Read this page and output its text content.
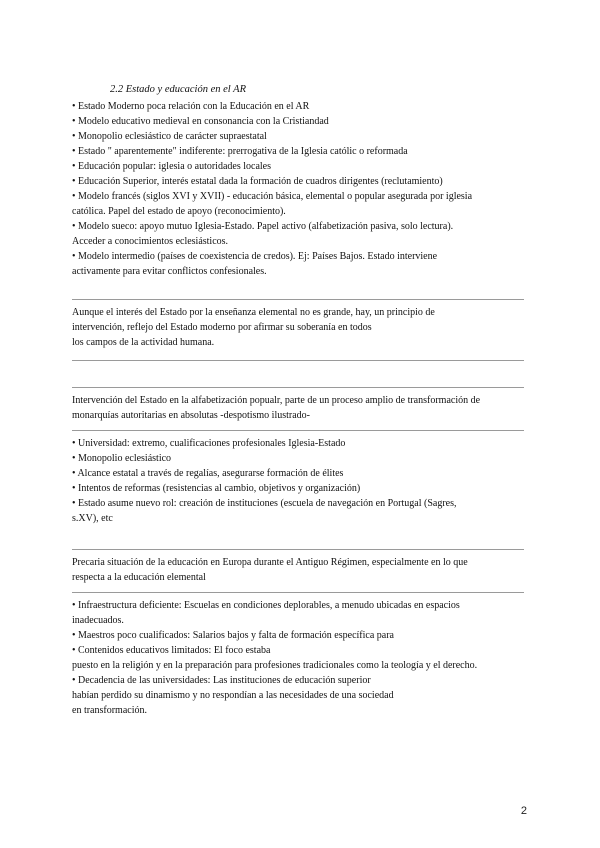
2.2 Estado y educación en el AR
• Estado Moderno poca relación con la Educación en el AR
• Modelo educativo medieval en consonancia con la Cristiandad
• Monopolio eclesiástico de carácter supraestatal
• Estado " aparentemente" indiferente: prerrogativa de la Iglesia católic o reformada
• Educación popular: iglesia o autoridades locales
• Educación Superior, interés estatal dada la formación de cuadros dirigentes (reclutamiento)
• Modelo francés (siglos XVI y XVII) - educación básica, elemental o popular asegurada por iglesia
católica. Papel del estado de apoyo (reconocimiento).
• Modelo sueco: apoyo mutuo Iglesia-Estado. Papel activo (alfabetización pasiva, solo lectura).
Acceder a conocimientos eclesiásticos.
• Modelo intermedio (países de coexistencia de credos). Ej: Países Bajos. Estado interviene
activamente para evitar conflictos confesionales.
Aunque el interés del Estado por la enseñanza elemental no es grande, hay, un principio de
intervención, reflejo del Estado moderno por afirmar su soberanía en todos
los campos de la actividad humana.
Intervención del Estado en la alfabetización popualr, parte de un proceso amplio de transformación de
monarquías autoritarias en absolutas -despotismo ilustrado-
• Universidad: extremo, cualificaciones profesionales Iglesia-Estado
• Monopolio eclesiástico
• Alcance estatal a través de regalías, asegurarse formación de élites
• Intentos de reformas (resistencias al cambio, objetivos y organización)
• Estado asume nuevo rol: creación de instituciones (escuela de navegación en Portugal (Sagres,
s.XV), etc
Precaria situación de la educación en Europa durante el Antiguo Régimen, especialmente en lo que
respecta a la educación elemental
• Infraestructura deficiente: Escuelas en condiciones deplorables, a menudo ubicadas en espacios
inadecuados.
• Maestros poco cualificados: Salarios bajos y falta de formación específica para
• Contenidos educativos limitados: El foco estaba
puesto en la religión y en la preparación para profesiones tradicionales como la teología y el derecho.
• Decadencia de las universidades: Las instituciones de educación superior
habían perdido su dinamismo y no respondían a las necesidades de una sociedad
en transformación.
2
